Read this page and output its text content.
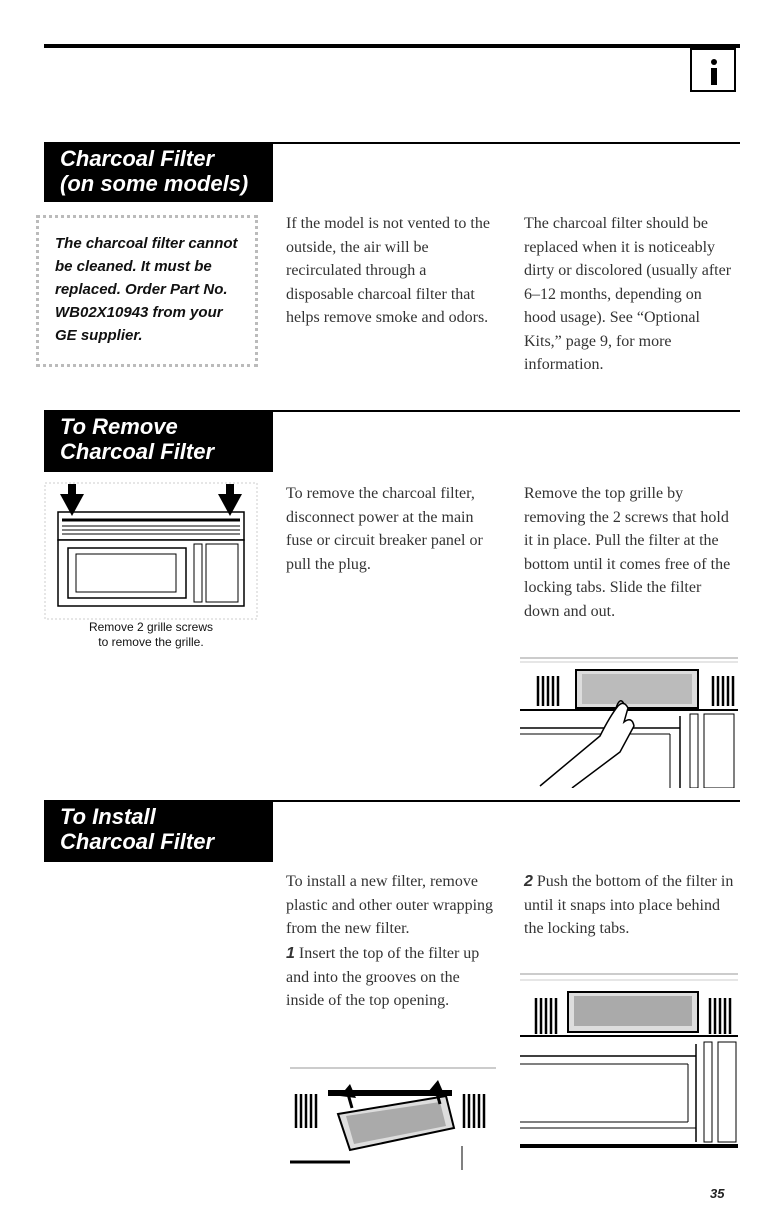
Charcoal Filter
(on some models)
The charcoal filter cannot be cleaned. It must be replaced. Order Part No. WB02X10943 from your GE supplier.
If the model is not vented to the outside, the air will be recirculated through a disposable charcoal filter that helps remove smoke and odors.
The charcoal filter should be replaced when it is noticeably dirty or discolored (usually after 6–12 months, depending on hood usage). See “Optional Kits,” page 9, for more information.
To Remove
Charcoal Filter
Remove 2 grille screws
to remove the grille.
To remove the charcoal filter, disconnect power at the main fuse or circuit breaker panel or pull the plug.
Remove the top grille by removing the 2 screws that hold it in place. Pull the filter at the bottom until it comes free of the locking tabs. Slide the filter down and out.
To Install
Charcoal Filter
To install a new filter, remove plastic and other outer wrapping from the new filter.
1 Insert the top of the filter up and into the grooves on the inside of the top opening.
2 Push the bottom of the filter in until it snaps into place behind the locking tabs.
35
